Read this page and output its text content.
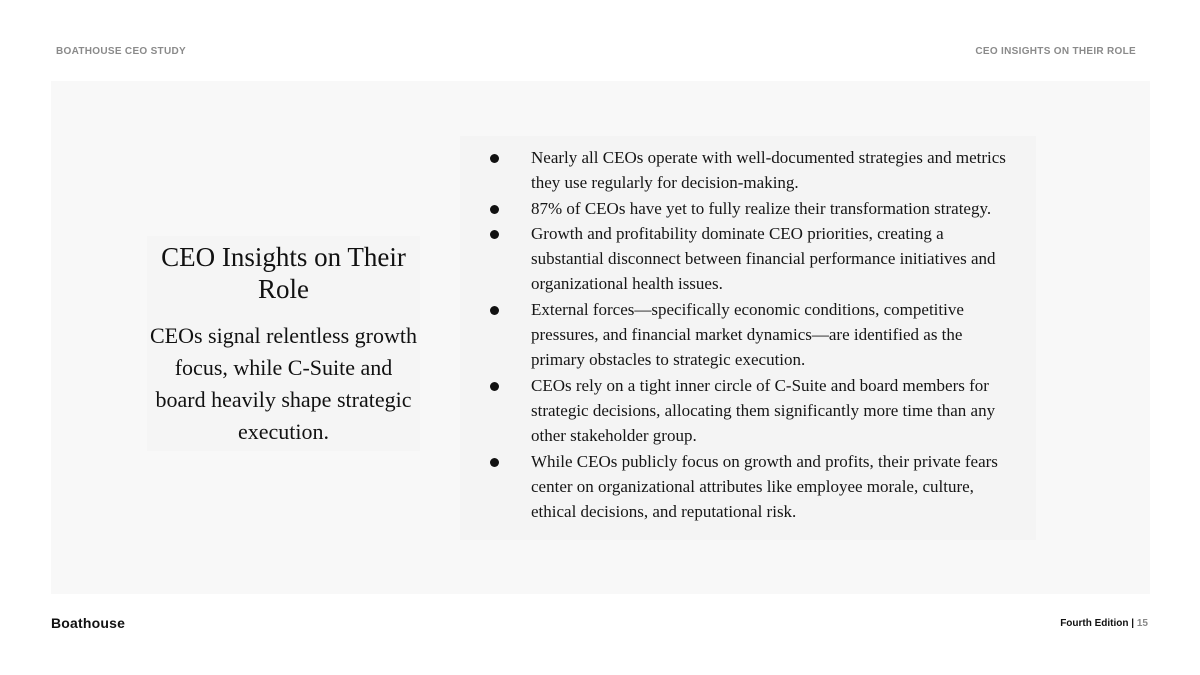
BOATHOUSE CEO STUDY	CEO INSIGHTS ON THEIR ROLE
CEO Insights on Their Role
CEOs signal relentless growth focus, while C-Suite and board heavily shape strategic execution.
Nearly all CEOs operate with well-documented strategies and metrics they use regularly for decision-making.
87% of CEOs have yet to fully realize their transformation strategy.
Growth and profitability dominate CEO priorities, creating a substantial disconnect between financial performance initiatives and organizational health issues.
External forces—specifically economic conditions, competitive pressures, and financial market dynamics—are identified as the primary obstacles to strategic execution.
CEOs rely on a tight inner circle of C-Suite and board members for strategic decisions, allocating them significantly more time than any other stakeholder group.
While CEOs publicly focus on growth and profits, their private fears center on organizational attributes like employee morale, culture, ethical decisions, and reputational risk.
Boathouse	Fourth Edition | 15
